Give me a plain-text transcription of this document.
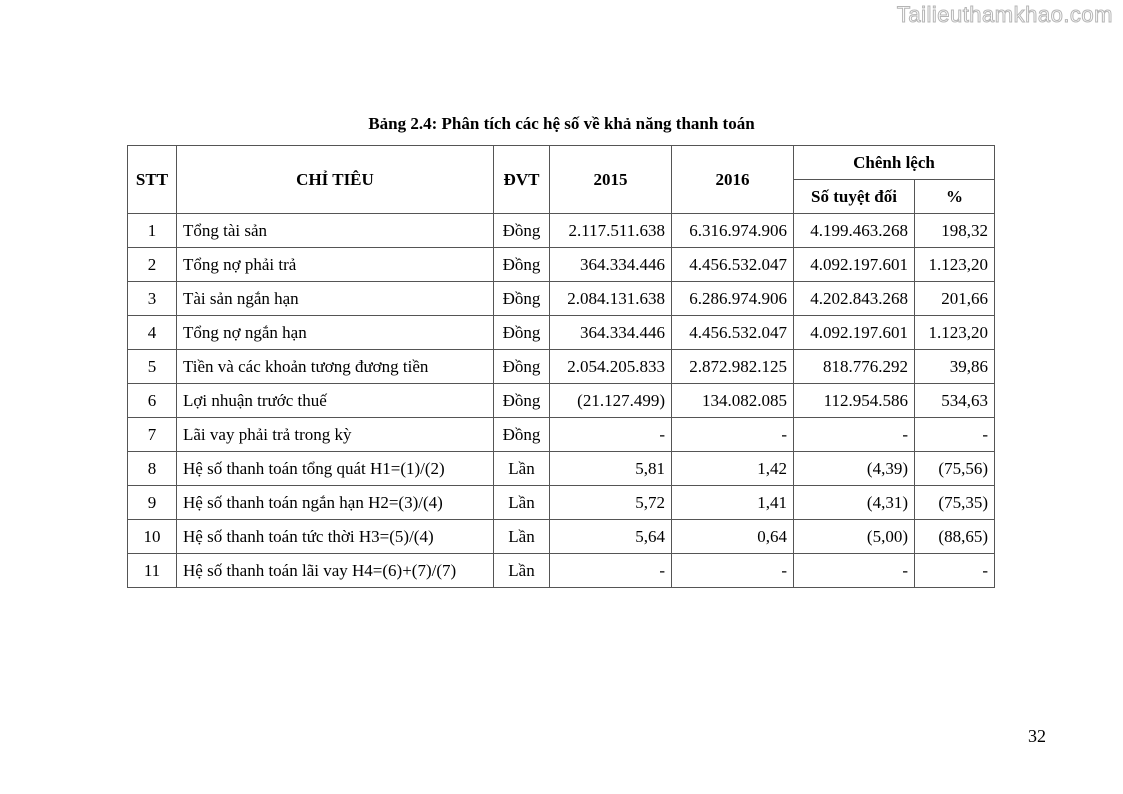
Tailieuthamkhao.com
Bảng 2.4: Phân tích các hệ số về khả năng thanh toán
STT	CHỈ TIÊU	ĐVT	2015	2016	Chênh lệch	
					Số tuyệt đối	%
1	Tổng tài sản	Đồng	2.117.511.638	6.316.974.906	4.199.463.268	198,32
2	Tổng nợ phải trả	Đồng	364.334.446	4.456.532.047	4.092.197.601	1.123,20
3	Tài sản ngắn hạn	Đồng	2.084.131.638	6.286.974.906	4.202.843.268	201,66
4	Tổng nợ ngắn hạn	Đồng	364.334.446	4.456.532.047	4.092.197.601	1.123,20
5	Tiền và các khoản tương đương tiền	Đồng	2.054.205.833	2.872.982.125	818.776.292	39,86
6	Lợi nhuận trước thuế	Đồng	(21.127.499)	134.082.085	112.954.586	534,63
7	Lãi vay phải trả trong kỳ	Đồng	-	-	-	-
8	Hệ số thanh toán tổng quát H1=(1)/(2)	Lần	5,81	1,42	(4,39)	(75,56)
9	Hệ số thanh toán ngắn hạn H2=(3)/(4)	Lần	5,72	1,41	(4,31)	(75,35)
10	Hệ số thanh toán tức thời H3=(5)/(4)	Lần	5,64	0,64	(5,00)	(88,65)
11	Hệ số thanh toán lãi vay H4=(6)+(7)/(7)	Lần	-	-	-	-
32
